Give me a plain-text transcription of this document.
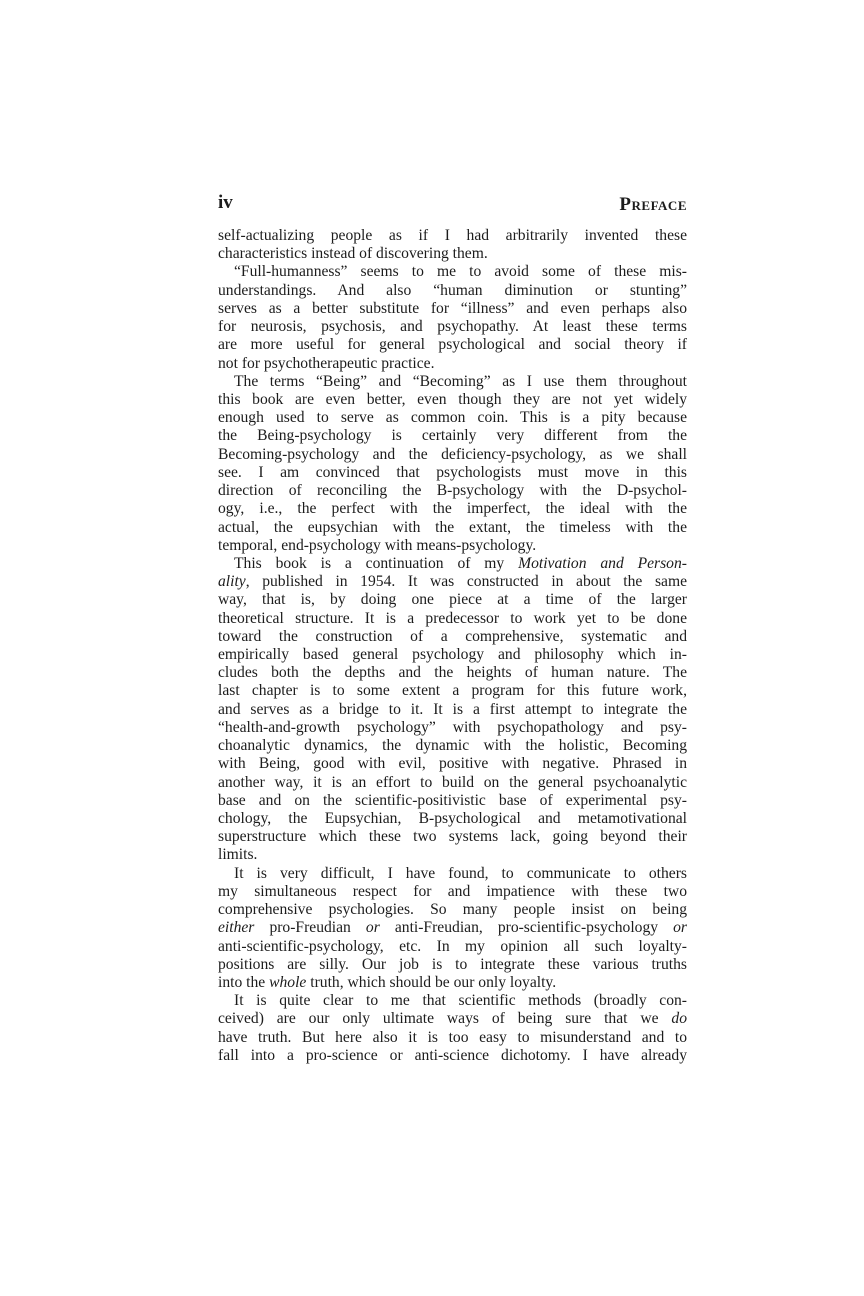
iv	Preface
self-actualizing people as if I had arbitrarily invented these
characteristics instead of discovering them.
“Full-humanness” seems to me to avoid some of these mis-
understandings. And also “human diminution or stunting”
serves as a better substitute for “illness” and even perhaps also
for neurosis, psychosis, and psychopathy. At least these terms
are more useful for general psychological and social theory if
not for psychotherapeutic practice.
The terms “Being” and “Becoming” as I use them throughout
this book are even better, even though they are not yet widely
enough used to serve as common coin. This is a pity because
the Being-psychology is certainly very different from the
Becoming-psychology and the deficiency-psychology, as we shall
see. I am convinced that psychologists must move in this
direction of reconciling the B-psychology with the D-psychol-
ogy, i.e., the perfect with the imperfect, the ideal with the
actual, the eupsychian with the extant, the timeless with the
temporal, end-psychology with means-psychology.
This book is a continuation of my Motivation and Person-
ality, published in 1954. It was constructed in about the same
way, that is, by doing one piece at a time of the larger
theoretical structure. It is a predecessor to work yet to be done
toward the construction of a comprehensive, systematic and
empirically based general psychology and philosophy which in-
cludes both the depths and the heights of human nature. The
last chapter is to some extent a program for this future work,
and serves as a bridge to it. It is a first attempt to integrate the
“health-and-growth psychology” with psychopathology and psy-
choanalytic dynamics, the dynamic with the holistic, Becoming
with Being, good with evil, positive with negative. Phrased in
another way, it is an effort to build on the general psychoanalytic
base and on the scientific-positivistic base of experimental psy-
chology, the Eupsychian, B-psychological and metamotivational
superstructure which these two systems lack, going beyond their
limits.
It is very difficult, I have found, to communicate to others
my simultaneous respect for and impatience with these two
comprehensive psychologies. So many people insist on being
either pro-Freudian or anti-Freudian, pro-scientific-psychology or
anti-scientific-psychology, etc. In my opinion all such loyalty-
positions are silly. Our job is to integrate these various truths
into the whole truth, which should be our only loyalty.
It is quite clear to me that scientific methods (broadly con-
ceived) are our only ultimate ways of being sure that we do
have truth. But here also it is too easy to misunderstand and to
fall into a pro-science or anti-science dichotomy. I have already
